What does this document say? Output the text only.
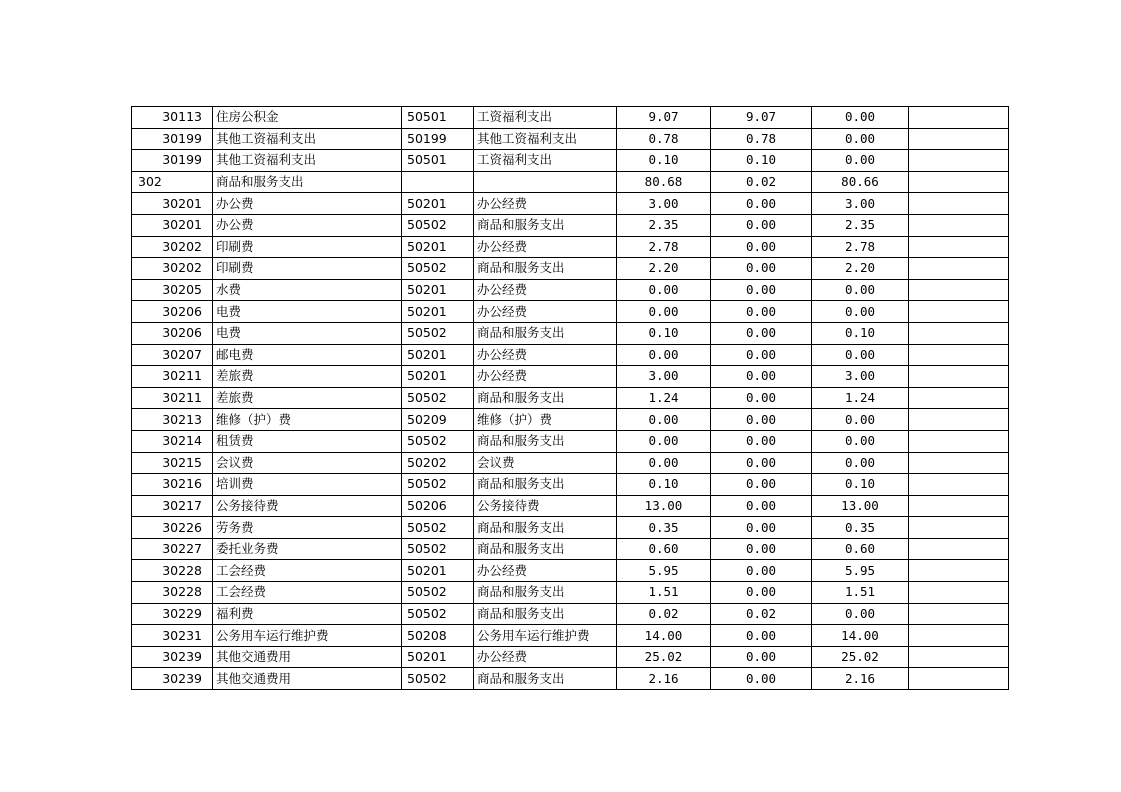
30113	住房公积金	50501	工资福利支出	9.07	9.07	0.00	
30199	其他工资福利支出	50199	其他工资福利支出	0.78	0.78	0.00	
30199	其他工资福利支出	50501	工资福利支出	0.10	0.10	0.00	
302	商品和服务支出			80.68	0.02	80.66	
30201	办公费	50201	办公经费	3.00	0.00	3.00	
30201	办公费	50502	商品和服务支出	2.35	0.00	2.35	
30202	印刷费	50201	办公经费	2.78	0.00	2.78	
30202	印刷费	50502	商品和服务支出	2.20	0.00	2.20	
30205	水费	50201	办公经费	0.00	0.00	0.00	
30206	电费	50201	办公经费	0.00	0.00	0.00	
30206	电费	50502	商品和服务支出	0.10	0.00	0.10	
30207	邮电费	50201	办公经费	0.00	0.00	0.00	
30211	差旅费	50201	办公经费	3.00	0.00	3.00	
30211	差旅费	50502	商品和服务支出	1.24	0.00	1.24	
30213	维修（护）费	50209	维修（护）费	0.00	0.00	0.00	
30214	租赁费	50502	商品和服务支出	0.00	0.00	0.00	
30215	会议费	50202	会议费	0.00	0.00	0.00	
30216	培训费	50502	商品和服务支出	0.10	0.00	0.10	
30217	公务接待费	50206	公务接待费	13.00	0.00	13.00	
30226	劳务费	50502	商品和服务支出	0.35	0.00	0.35	
30227	委托业务费	50502	商品和服务支出	0.60	0.00	0.60	
30228	工会经费	50201	办公经费	5.95	0.00	5.95	
30228	工会经费	50502	商品和服务支出	1.51	0.00	1.51	
30229	福利费	50502	商品和服务支出	0.02	0.02	0.00	
30231	公务用车运行维护费	50208	公务用车运行维护费	14.00	0.00	14.00	
30239	其他交通费用	50201	办公经费	25.02	0.00	25.02	
30239	其他交通费用	50502	商品和服务支出	2.16	0.00	2.16	
